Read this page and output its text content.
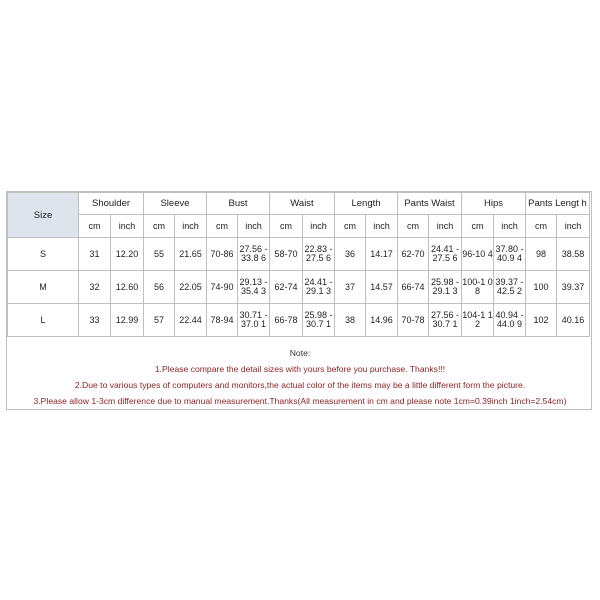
Size	Shoulder		Sleeve		Bust		Waist		Length		Pants Waist		Hips		Pants Lengt h	
	cm	inch	cm	inch	cm	inch	cm	inch	cm	inch	cm	inch	cm	inch	cm	inch
S	31	12.20	55	21.65	70-86	27.56 -33.8 6	58-70	22.83 -27.5 6	36	14.17	62-70	24.41 -27.5 6	96-10 4	37.80 -40.9 4	98	38.58
M	32	12.60	56	22.05	74-90	29.13 -35.4 3	62-74	24.41 -29.1 3	37	14.57	66-74	25.98 -29.1 3	100-1 08	39.37 -42.5 2	100	39.37
L	33	12.99	57	22.44	78-94	30.71 -37.0 1	66-78	25.98 -30.7 1	38	14.96	70-78	27.56 -30.7 1	104-1 12	40.94 -44.0 9	102	40.16
Note:
1.Please compare the detail sizes with yours before you purchase. Thanks!!!
2.Due to various types of computers and monitors,the actual color of the items may be a little different form the picture.
3.Please allow 1-3cm difference due to manual measurement.Thanks(All measurement in cm and please note 1cm=0.39inch 1inch=2.54cm)
